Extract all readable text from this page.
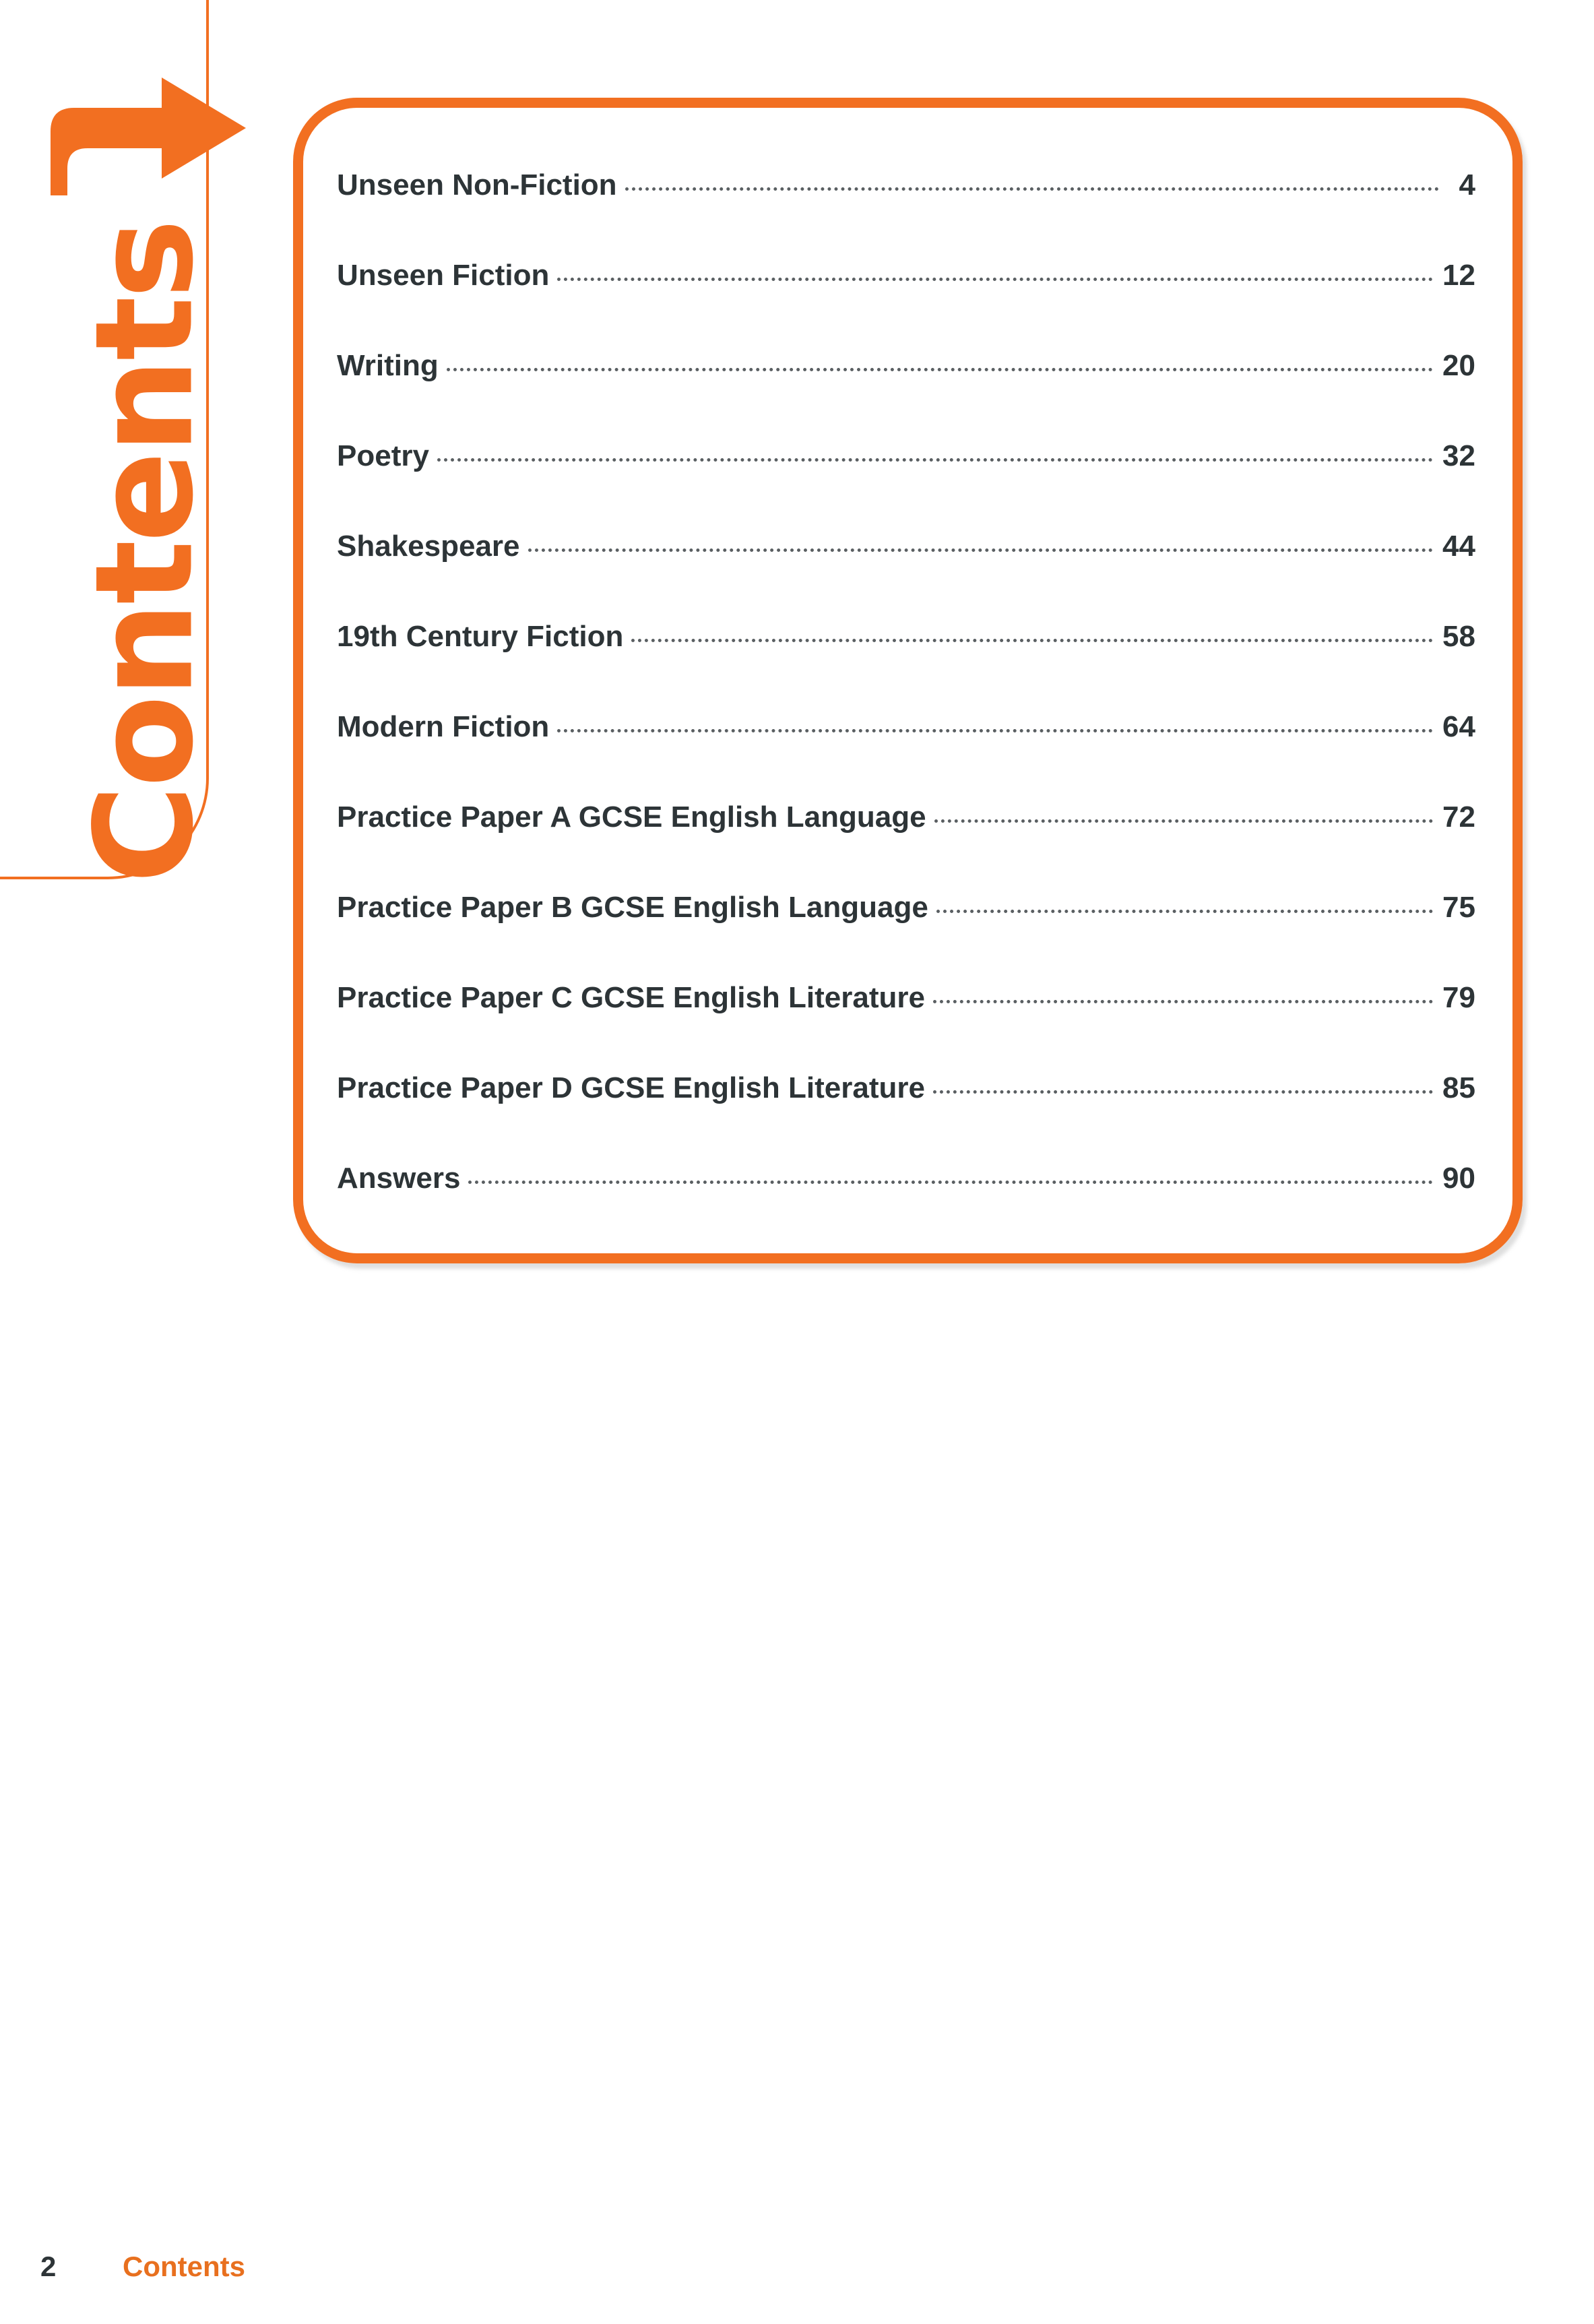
Contents
Unseen Non-Fiction	4
Unseen Fiction	12
Writing	20
Poetry	32
Shakespeare	44
19th Century Fiction	58
Modern Fiction	64
Practice Paper A GCSE English Language	72
Practice Paper B GCSE English Language	75
Practice Paper C GCSE English Literature	79
Practice Paper D GCSE English Literature	85
Answers	90
2 Contents
